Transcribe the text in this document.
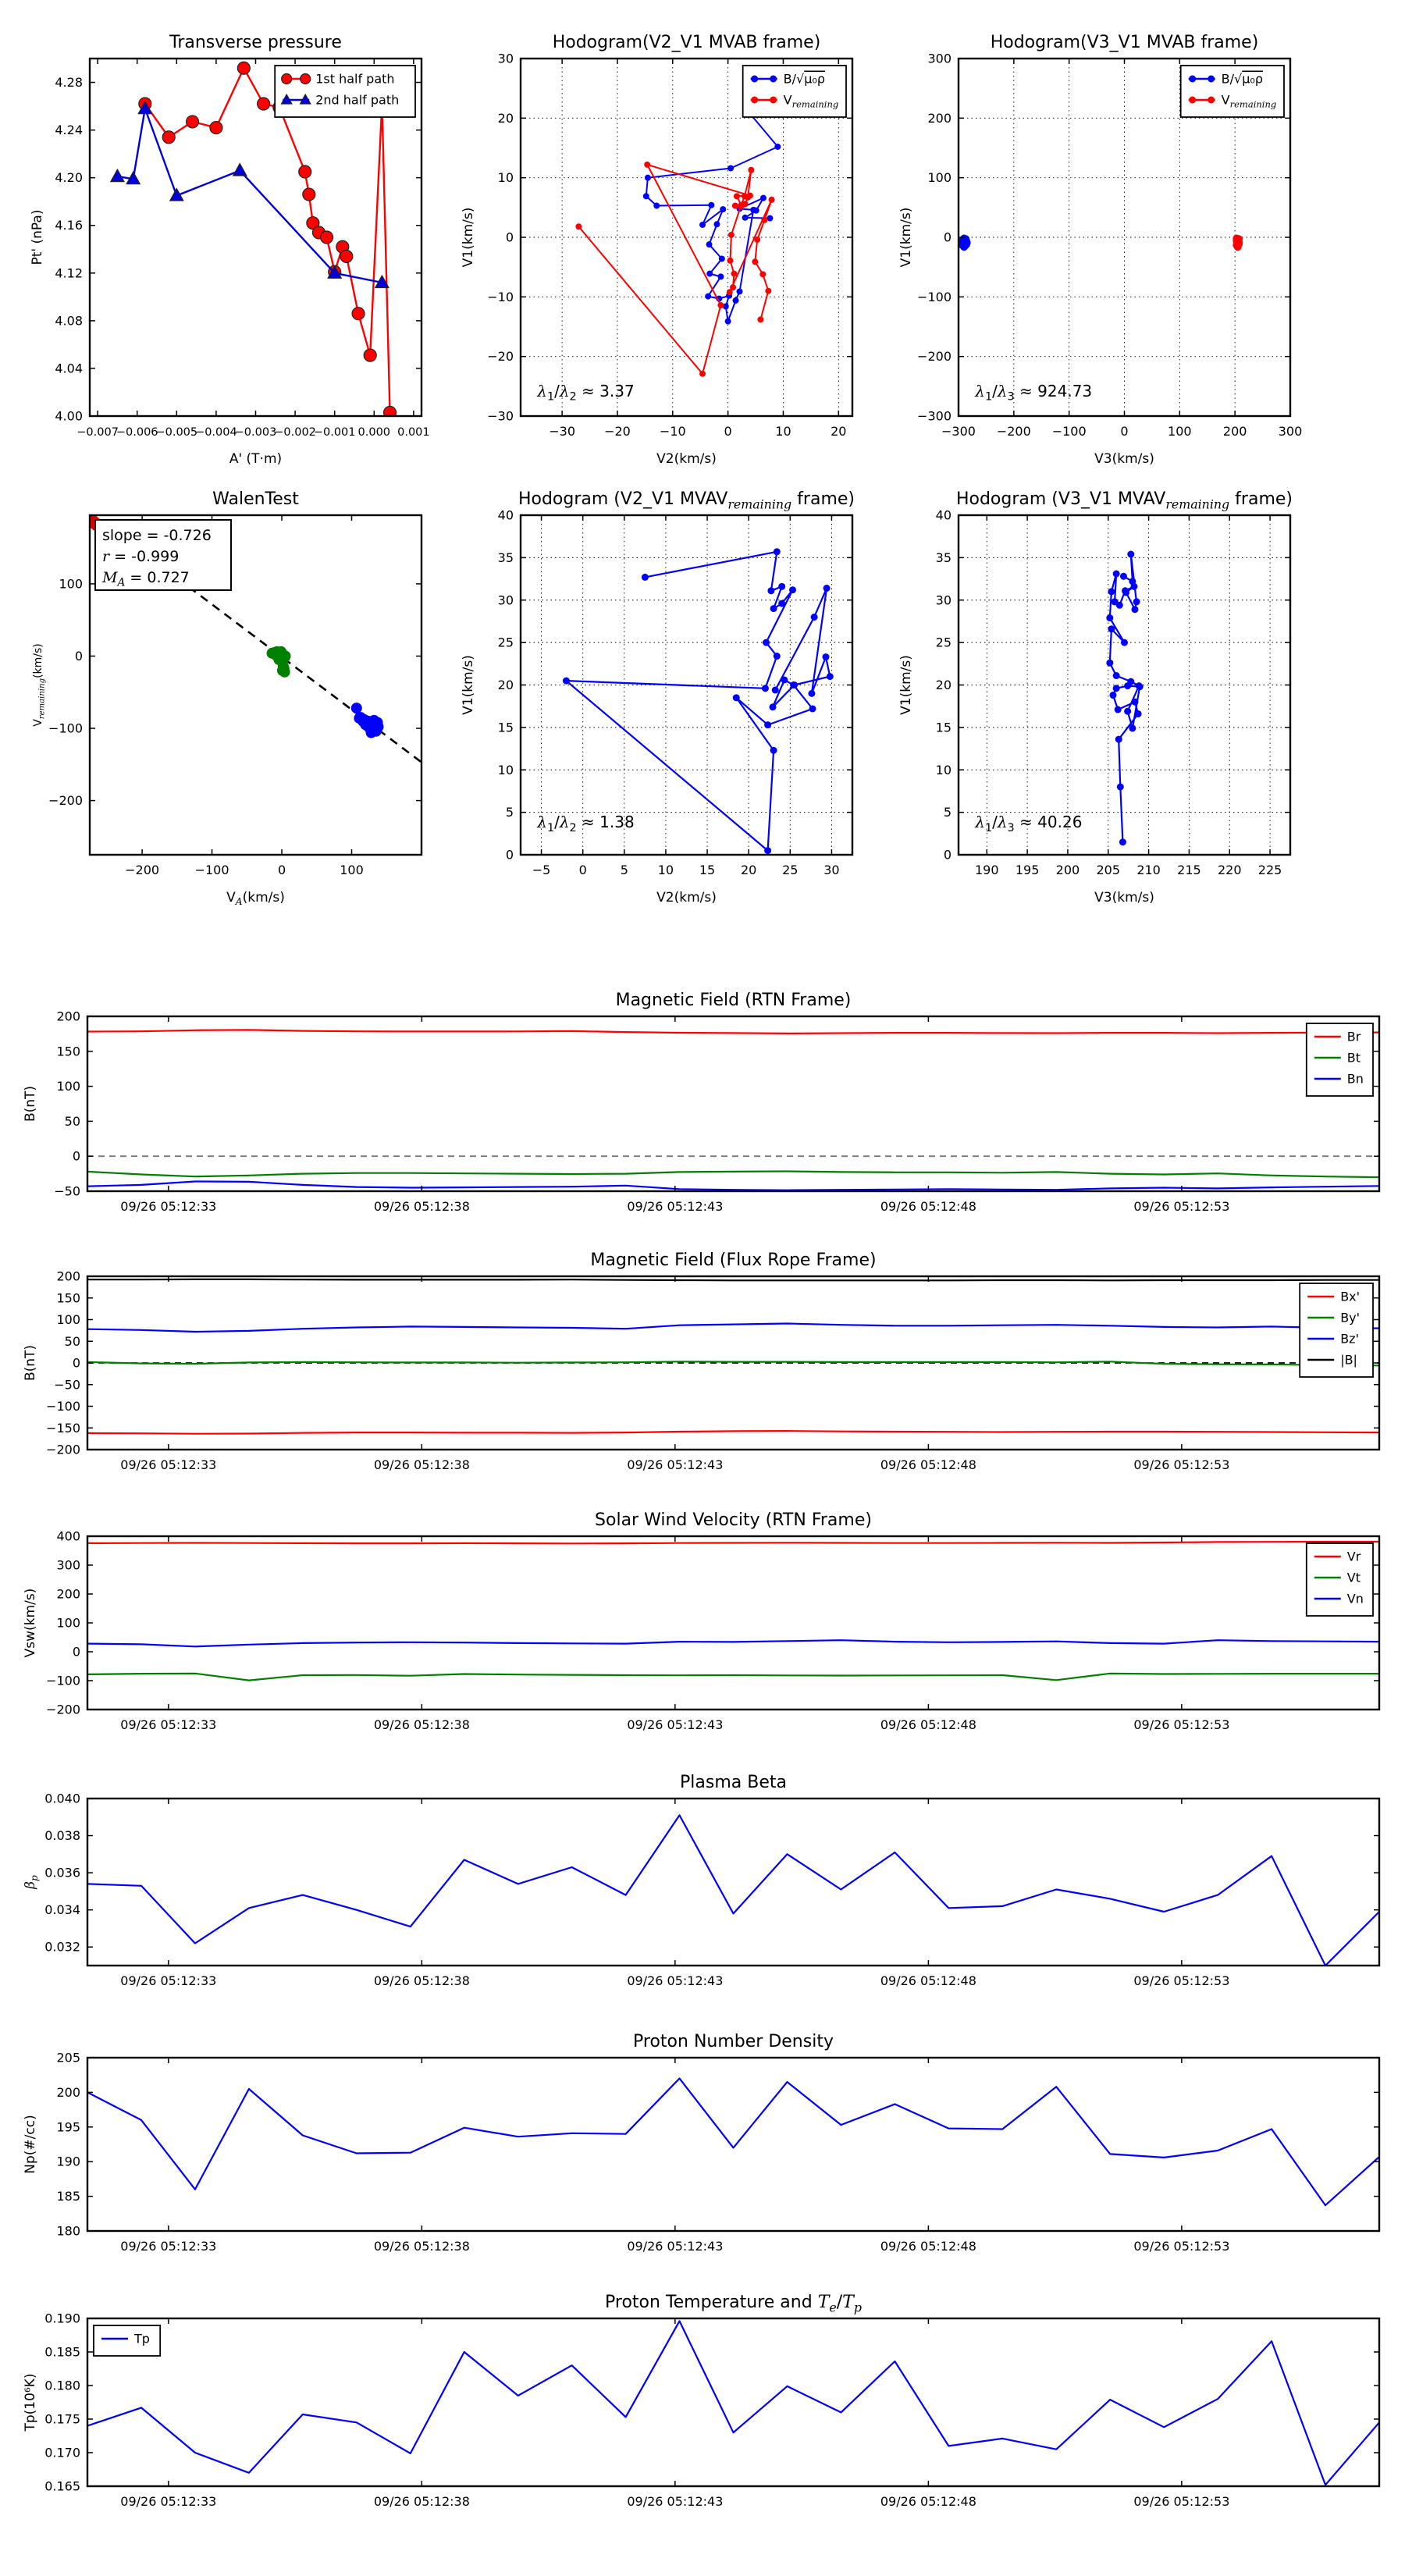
−0.007
−0.006
−0.005
−0.004
−0.003
−0.002
−0.001 0.000 0.001
4.00
4.04
4.08
4.12
4.16
4.20
4.24
4.28
Transverse pressure
A' (T·m)
Pt' (nPa)
1st half path
2nd half path
−30 −20 −10	0	10	20
−30
−20
−10
0
10
20
30
Hodogram(V2_V1 MVAB frame)
V2(km/s)
V1(km/s)
B/√μ₀ρ
$V_{remaining}$
$\lambda_1/\lambda_2 \approx 3.37$
−300 −200 −100	0	100	200	300
−300
−200
−100
0
100
200
300
Hodogram(V3_V1 MVAB frame)
V3(km/s)
V1(km/s)
B/√μ₀ρ
$V_{remaining}$
$\lambda_1/\lambda_3 \approx 924.73$
−200	−100	0	100
−200
−100
0
100
WalenTest
$V_A(km/s)$
$V_{remaining}(km/s)$
slope = -0.726
r = -0.999
$M_A = 0.727$
−5 0	5 10 15 20 25 30
0
5
10
15
20
25
30
35
40
Hodogram (V2_V1 $MVAV_{remaining}$ frame)
V2(km/s)
V1(km/s)
$\lambda_1/\lambda_2 \approx 1.38$
190 195 200 205 210 215 220 225
0
5
10
15
20
25
30
35
40
Hodogram (V3_V1 $MVAV_{remaining}$ frame)
V3(km/s)
V1(km/s)
$\lambda_1/\lambda_3 \approx 40.26$
09/26 05:12:33	09/26 05:12:38	09/26 05:12:43	09/26 05:12:48	09/26 05:12:53
−50
0
50
100
150
200
Magnetic Field (RTN Frame)
B(nT)
Br
Bt
Bn
09/26 05:12:33	09/26 05:12:38	09/26 05:12:43	09/26 05:12:48	09/26 05:12:53
−200
−150
−100
−50
0
50
100
150
200
Magnetic Field (Flux Rope Frame)
B(nT)
Bx'
By'
Bz'
|B|
09/26 05:12:33	09/26 05:12:38	09/26 05:12:43	09/26 05:12:48	09/26 05:12:53
−200
−100
0
100
200
300
400
Solar Wind Velocity (RTN Frame)
Vsw(km/s)
Vr
Vt
Vn
09/26 05:12:33	09/26 05:12:38	09/26 05:12:43	09/26 05:12:48	09/26 05:12:53
0.032
0.034
0.036
0.038
0.040
Plasma Beta
$\beta_p$
09/26 05:12:33	09/26 05:12:38	09/26 05:12:43	09/26 05:12:48	09/26 05:12:53
180
185
190
195
200
205
Proton Number Density
Np(#/cc)
09/26 05:12:33	09/26 05:12:38	09/26 05:12:43	09/26 05:12:48	09/26 05:12:53
0.165
0.170
0.175
0.180
0.185
0.190
Proton Temperature and $T_e/T_p$
Tp(10⁶K)
Tp
